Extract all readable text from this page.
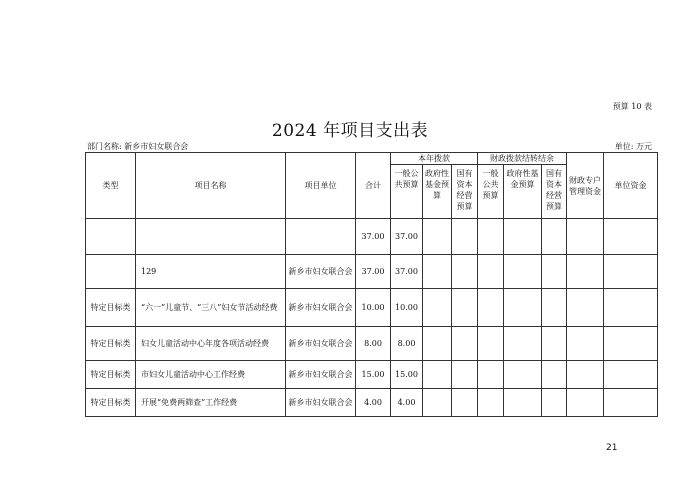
预算 10 表
2024 年项目支出表
部门名称: 新乡市妇女联合会	单位: 万元
类型	项目名称	项目单位	合计	本年拨款			财政拨款结转结余			财政专户管理资金	单位资金
				一般公共预算	政府性基金预算	国有资本经营预算	一般公共预算	政府性基金预算	国有资本经营预算		
			37.00	37.00							
	129	新乡市妇女联合会	37.00	37.00							
特定目标类	“六一”儿童节、“三八”妇女节活动经费	新乡市妇女联合会	10.00	10.00							
特定目标类	妇女儿童活动中心年度各项活动经费	新乡市妇女联合会	8.00	8.00							
特定目标类	市妇女儿童活动中心工作经费	新乡市妇女联合会	15.00	15.00							
特定目标类	开展“免费两筛查”工作经费	新乡市妇女联合会	4.00	4.00							
21
